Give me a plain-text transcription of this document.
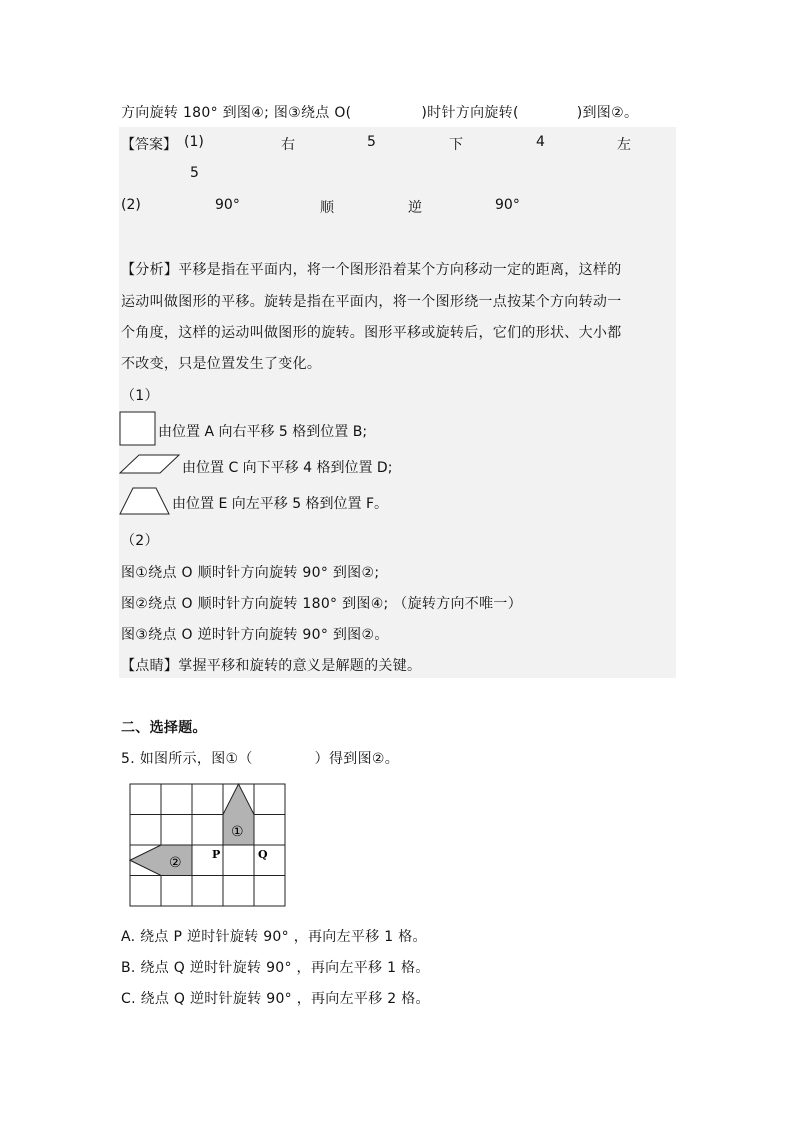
方向旋转 180° 到图④; 图③绕点 O(	)时针方向旋转(	)到图②。
【答案】 (1)	右	5	下	4	左
5
(2)	90°	顺	逆	90°
【分析】平移是指在平面内，将一个图形沿着某个方向移动一定的距离，这样的
运动叫做图形的平移。旋转是指在平面内，将一个图形绕一点按某个方向转动一
个角度，这样的运动叫做图形的旋转。图形平移或旋转后，它们的形状、大小都
不改变，只是位置发生了变化。
（1）
由位置 A 向右平移 5 格到位置 B;
由位置 C 向下平移 4 格到位置 D;
由位置 E 向左平移 5 格到位置 F。
（2）
图①绕点 O 顺时针方向旋转 90° 到图②;
图②绕点 O 顺时针方向旋转 180° 到图④; （旋转方向不唯一）
图③绕点 O 逆时针方向旋转 90° 到图②。
【点睛】掌握平移和旋转的意义是解题的关键。
二、选择题。
5. 如图所示，图①（	）得到图②。
①
②
P	Q
A. 绕点 P 逆时针旋转 90° ，再向左平移 1 格。
B. 绕点 Q 逆时针旋转 90° ，再向左平移 1 格。
C. 绕点 Q 逆时针旋转 90° ，再向左平移 2 格。
